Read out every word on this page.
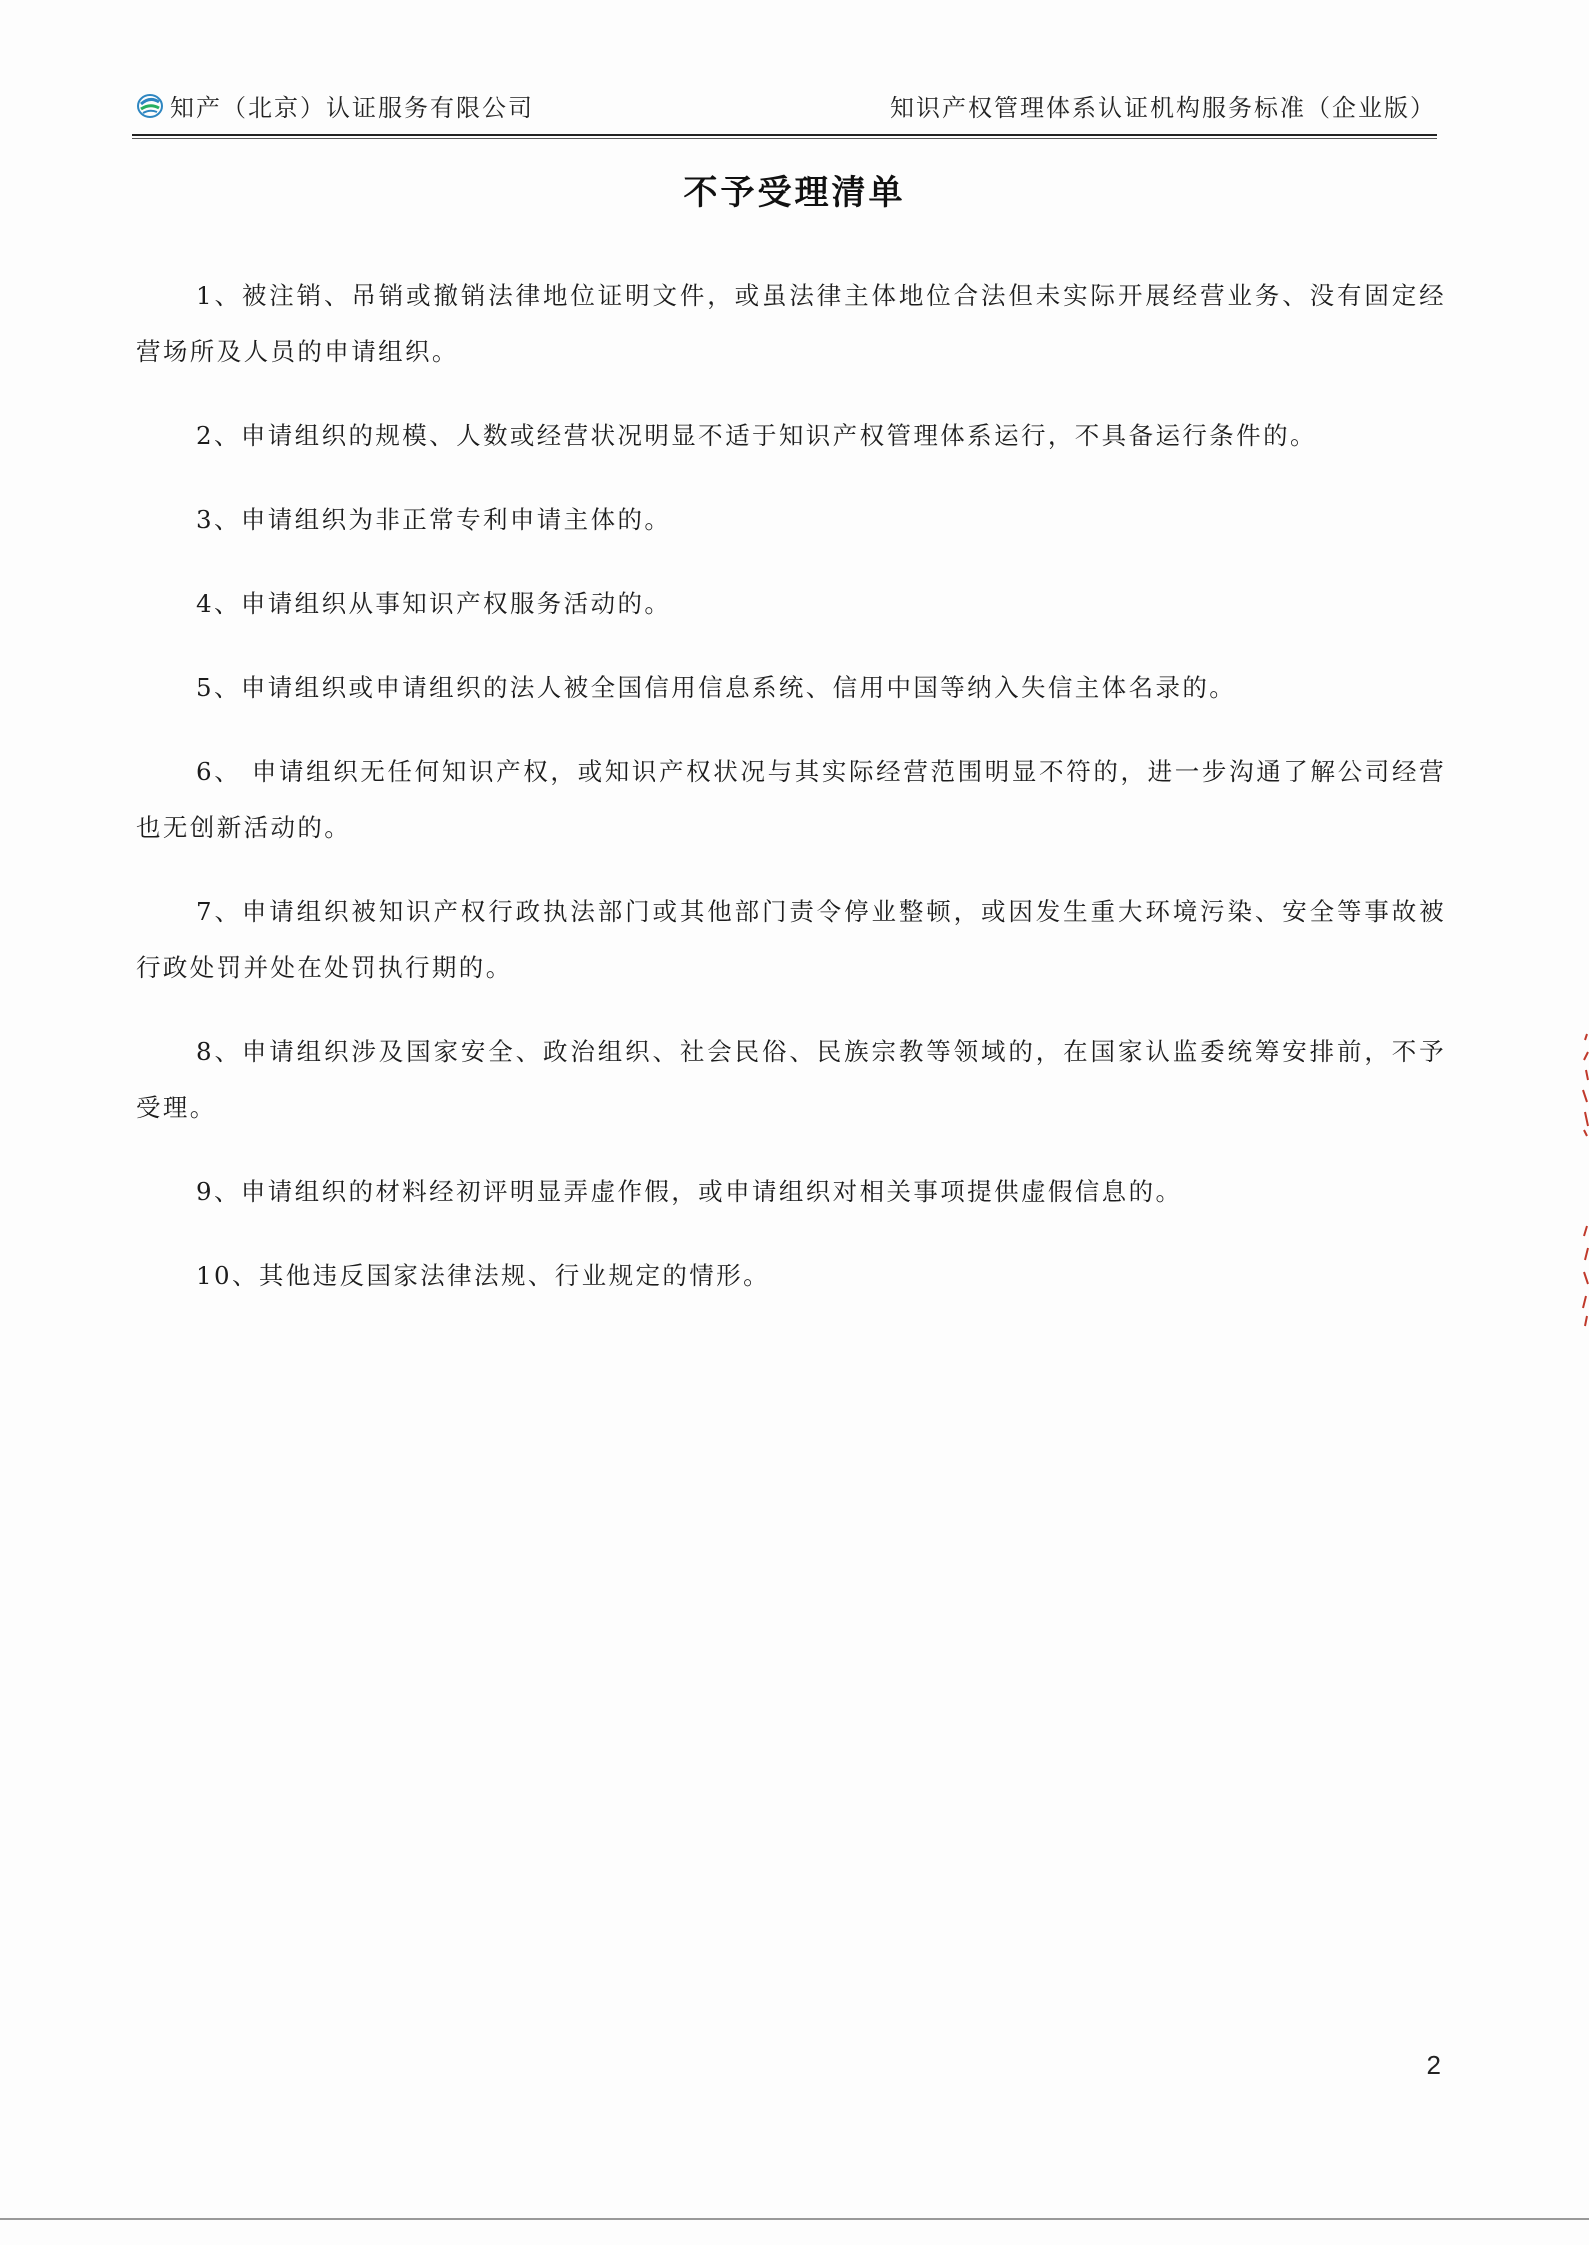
知产（北京）认证服务有限公司	知识产权管理体系认证机构服务标准（企业版）
不予受理清单

1、被注销、吊销或撤销法律地位证明文件，或虽法律主体地位合法但未实际开展经营业务、没有固定经营场所及人员的申请组织。

2、申请组织的规模、人数或经营状况明显不适于知识产权管理体系运行，不具备运行条件的。

3、申请组织为非正常专利申请主体的。

4、申请组织从事知识产权服务活动的。

5、申请组织或申请组织的法人被全国信用信息系统、信用中国等纳入失信主体名录的。

6、 申请组织无任何知识产权，或知识产权状况与其实际经营范围明显不符的，进一步沟通了解公司经营也无创新活动的。

7、申请组织被知识产权行政执法部门或其他部门责令停业整顿，或因发生重大环境污染、安全等事故被行政处罚并处在处罚执行期的。

8、申请组织涉及国家安全、政治组织、社会民俗、民族宗教等领域的，在国家认监委统筹安排前，不予受理。

9、申请组织的材料经初评明显弄虚作假，或申请组织对相关事项提供虚假信息的。

10、其他违反国家法律法规、行业规定的情形。

2
